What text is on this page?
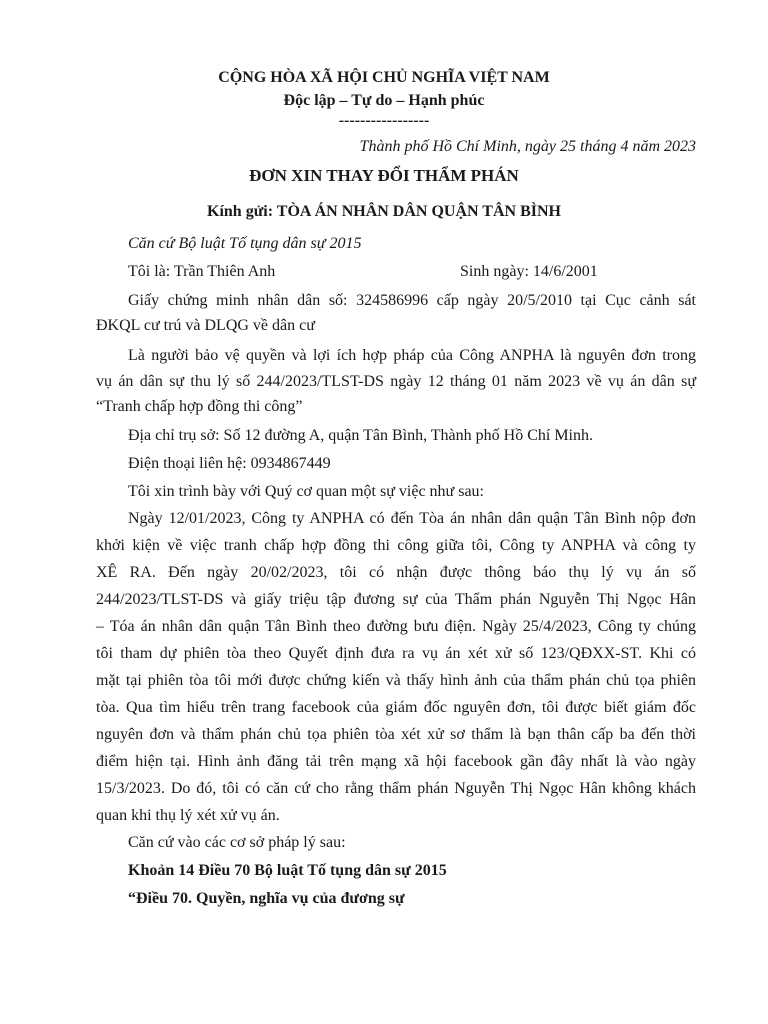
CỘNG HÒA XÃ HỘI CHỦ NGHĨA VIỆT NAM
Độc lập – Tự do – Hạnh phúc
-----------------
Thành phố Hồ Chí Minh, ngày 25 tháng 4 năm 2023
ĐƠN XIN THAY ĐỔI THẨM PHÁN
Kính gửi: TÒA ÁN NHÂN DÂN QUẬN TÂN BÌNH
Căn cứ Bộ luật Tố tụng dân sự 2015
Tôi là: Trần Thiên Anh	Sinh ngày: 14/6/2001
Giấy chứng minh nhân dân số: 324586996 cấp ngày 20/5/2010 tại Cục cảnh sát
ĐKQL cư trú và DLQG về dân cư
Là người bảo vệ quyền và lợi ích hợp pháp của Công ANPHA là nguyên đơn trong
vụ án dân sự thu lý số 244/2023/TLST-DS ngày 12 tháng 01 năm 2023 về vụ án dân sự
“Tranh chấp hợp đồng thi công”
Địa chỉ trụ sở: Số 12 đường A, quận Tân Bình, Thành phố Hồ Chí Minh.
Điện thoại liên hệ: 0934867449
Tôi xin trình bày với Quý cơ quan một sự việc như sau:
Ngày 12/01/2023, Công ty ANPHA có đến Tòa án nhân dân quận Tân Bình nộp đơn
khởi kiện về việc tranh chấp hợp đồng thi công giữa tôi, Công ty ANPHA và công ty
XÊ RA. Đến ngày 20/02/2023, tôi có nhận được thông báo thụ lý vụ án số
244/2023/TLST-DS và giấy triệu tập đương sự của Thẩm phán Nguyễn Thị Ngọc Hân
– Tóa án nhân dân quận Tân Bình theo đường bưu điện. Ngày 25/4/2023, Công ty chúng
tôi tham dự phiên tòa theo Quyết định đưa ra vụ án xét xử số 123/QĐXX-ST. Khi có
mặt tại phiên tòa tôi mới được chứng kiến và thấy hình ảnh của thẩm phán chủ tọa phiên
tòa. Qua tìm hiểu trên trang facebook của giám đốc nguyên đơn, tôi được biết giám đốc
nguyên đơn và thẩm phán chủ tọa phiên tòa xét xử sơ thẩm là bạn thân cấp ba đến thời
điểm hiện tại. Hình ảnh đăng tải trên mạng xã hội facebook gần đây nhất là vào ngày
15/3/2023. Do đó, tôi có căn cứ cho rằng thẩm phán Nguyễn Thị Ngọc Hân không khách
quan khi thụ lý xét xử vụ án.
Căn cứ vào các cơ sở pháp lý sau:
Khoản 14 Điều 70 Bộ luật Tố tụng dân sự 2015
“Điều 70. Quyền, nghĩa vụ của đương sự
